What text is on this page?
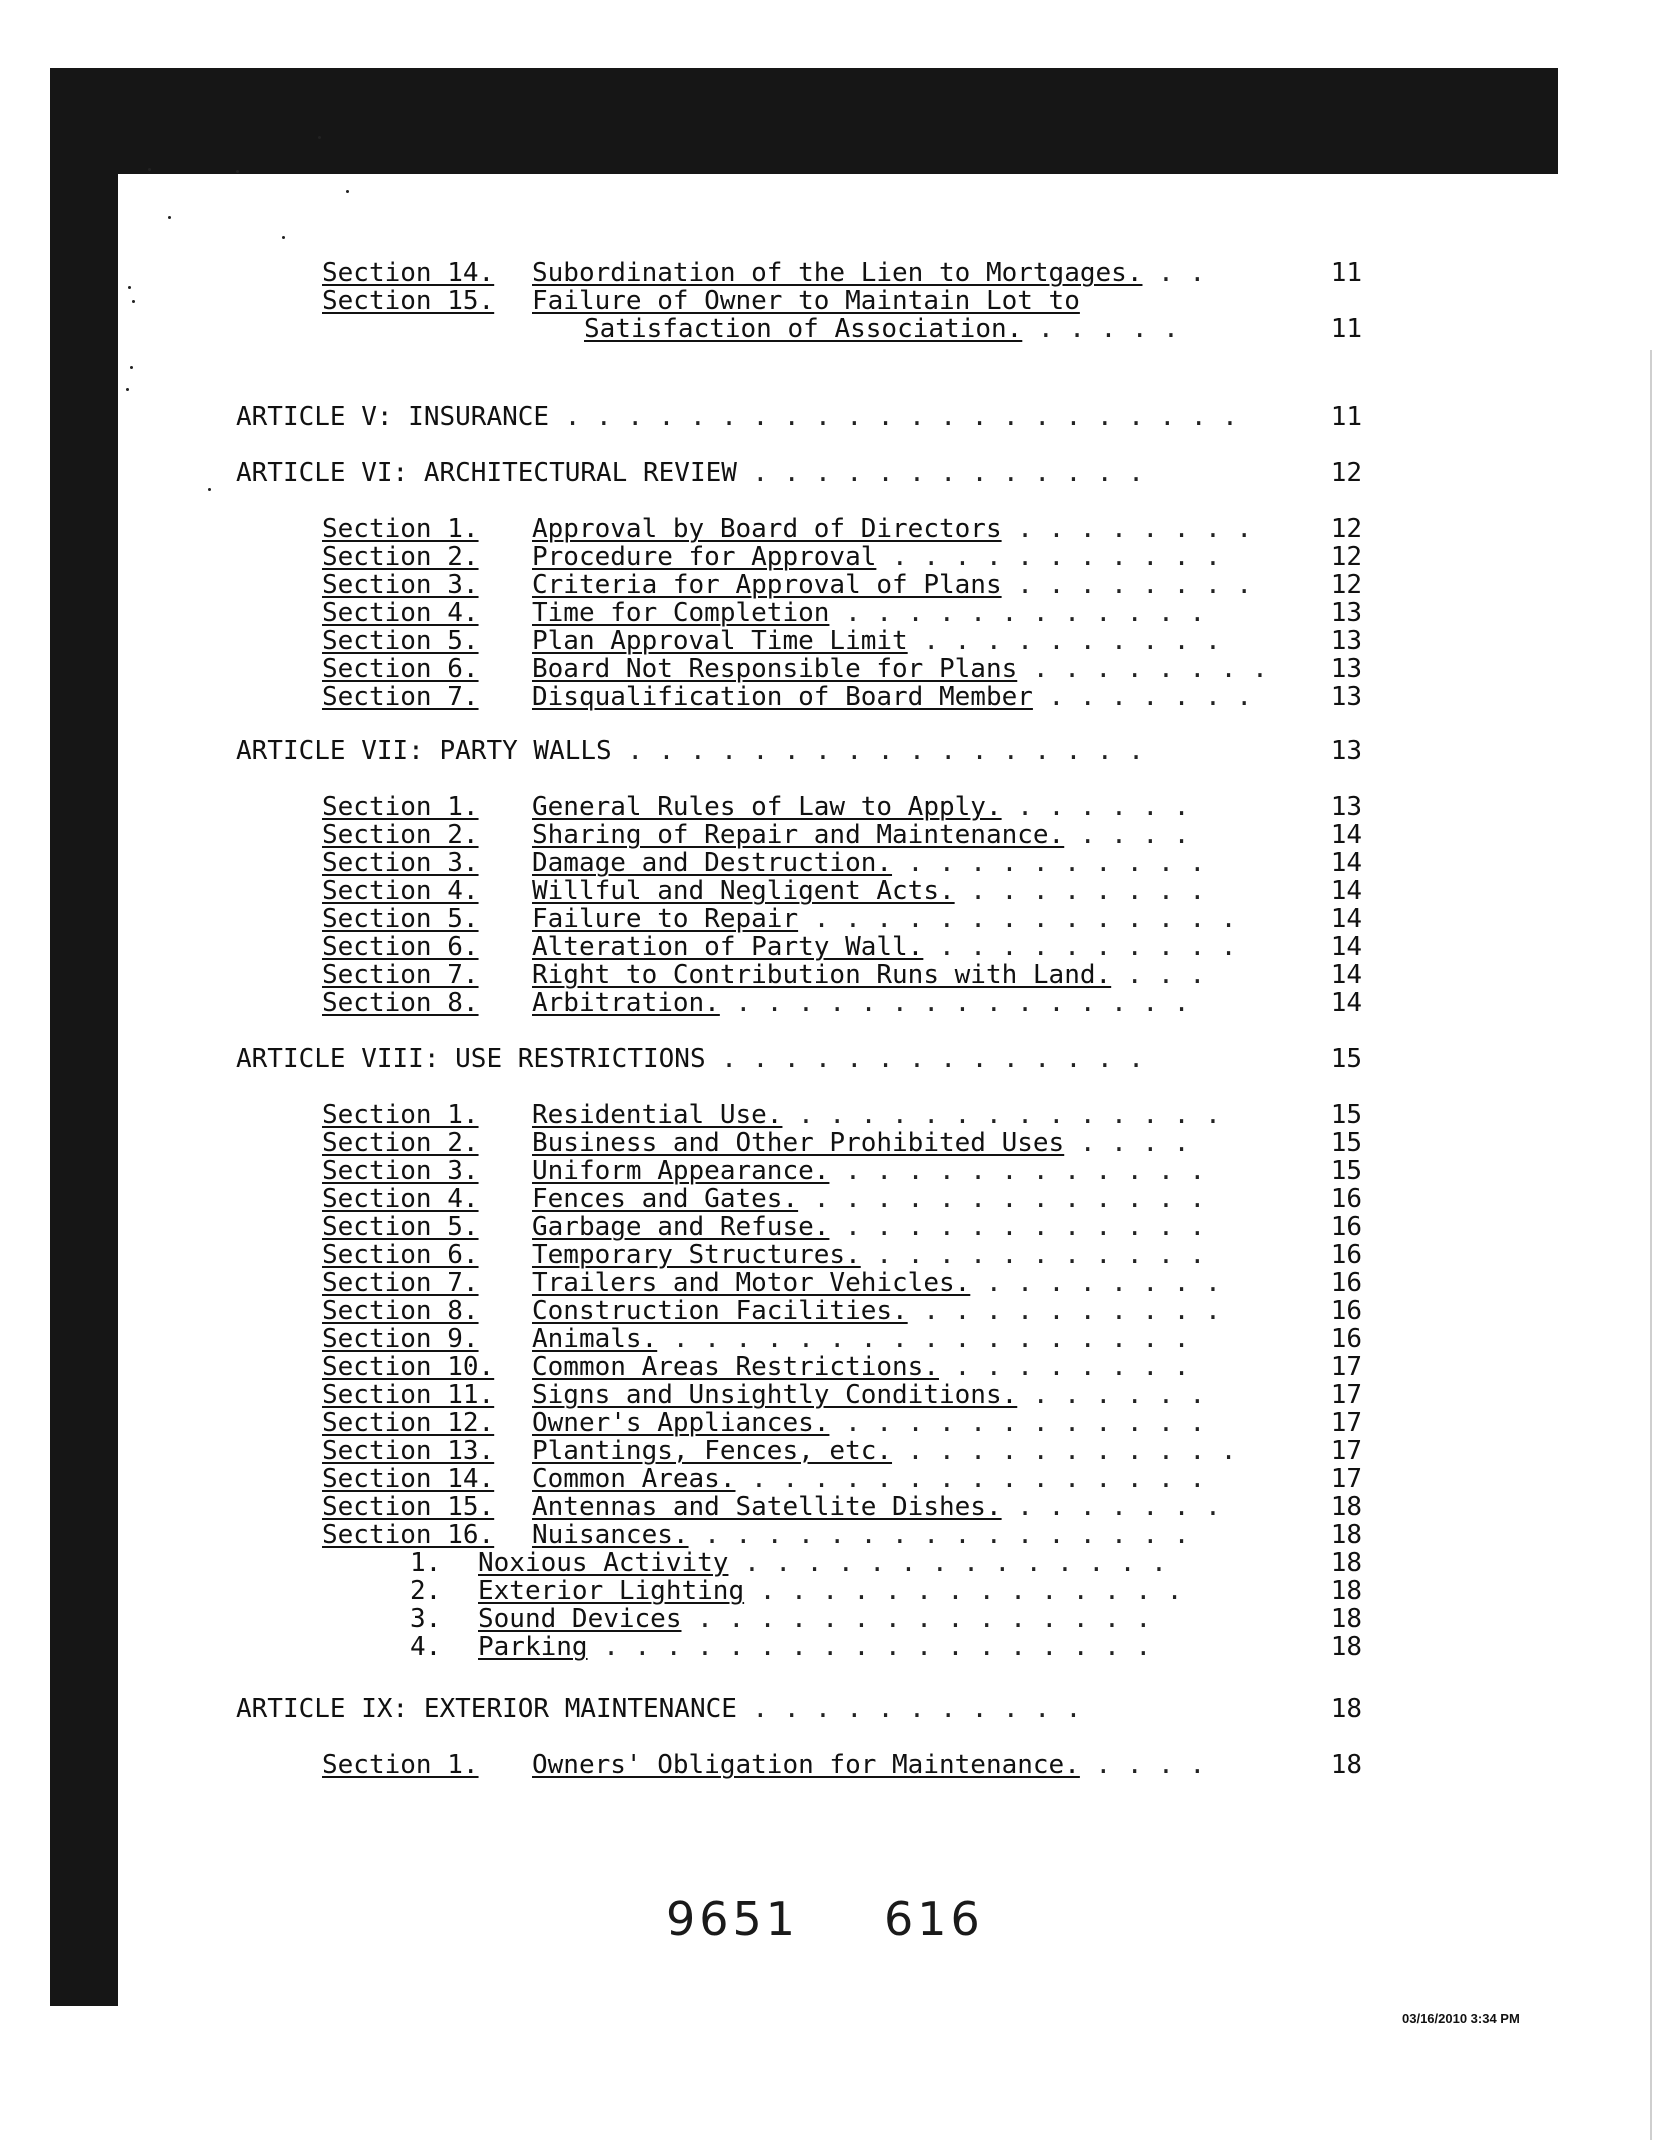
Section 14. Subordination of the Lien to Mortgages. . .	11
Section 15. Failure of Owner to Maintain Lot to
Satisfaction of Association. . . . . .	11
ARTICLE V: INSURANCE . . . . . . . . . . . . . . . . . . . . . .	11
ARTICLE VI: ARCHITECTURAL REVIEW . . . . . . . . . . . . .	12
Section 1. Approval by Board of Directors . . . . . . . .	12
Section 2. Procedure for Approval . . . . . . . . . . .	12
Section 3. Criteria for Approval of Plans . . . . . . . .	12
Section 4. Time for Completion . . . . . . . . . . . .	13
Section 5. Plan Approval Time Limit . . . . . . . . . .	13
Section 6. Board Not Responsible for Plans . . . . . . . .	13
Section 7. Disqualification of Board Member . . . . . . .	13
ARTICLE VII: PARTY WALLS . . . . . . . . . . . . . . . . .	13
Section 1. General Rules of Law to Apply. . . . . . .	13
Section 2. Sharing of Repair and Maintenance. . . . .	14
Section 3. Damage and Destruction. . . . . . . . . . .	14
Section 4. Willful and Negligent Acts. . . . . . . . .	14
Section 5. Failure to Repair . . . . . . . . . . . . . .	14
Section 6. Alteration of Party Wall. . . . . . . . . . .	14
Section 7. Right to Contribution Runs with Land. . . .	14
Section 8. Arbitration. . . . . . . . . . . . . . . .	14
ARTICLE VIII: USE RESTRICTIONS . . . . . . . . . . . . . .	15
Section 1. Residential Use. . . . . . . . . . . . . . .	15
Section 2. Business and Other Prohibited Uses . . . .	15
Section 3. Uniform Appearance. . . . . . . . . . . . .	15
Section 4. Fences and Gates. . . . . . . . . . . . . .	16
Section 5. Garbage and Refuse. . . . . . . . . . . . .	16
Section 6. Temporary Structures. . . . . . . . . . . .	16
Section 7. Trailers and Motor Vehicles. . . . . . . . .	16
Section 8. Construction Facilities. . . . . . . . . . .	16
Section 9. Animals. . . . . . . . . . . . . . . . . .	16
Section 10. Common Areas Restrictions. . . . . . . . .	17
Section 11. Signs and Unsightly Conditions. . . . . . .	17
Section 12. Owner's Appliances. . . . . . . . . . . . .	17
Section 13. Plantings, Fences, etc. . . . . . . . . . . .	17
Section 14. Common Areas. . . . . . . . . . . . . . . .	17
Section 15. Antennas and Satellite Dishes. . . . . . . .	18
Section 16. Nuisances. . . . . . . . . . . . . . . . .	18
1. Noxious Activity . . . . . . . . . . . . . .	18
2. Exterior Lighting . . . . . . . . . . . . . .	18
3. Sound Devices . . . . . . . . . . . . . . .	18
4. Parking . . . . . . . . . . . . . . . . . .	18
ARTICLE IX: EXTERIOR MAINTENANCE . . . . . . . . . . .	18
Section 1. Owners' Obligation for Maintenance. . . . .	18
9651 616
03/16/2010 3:34 PM
